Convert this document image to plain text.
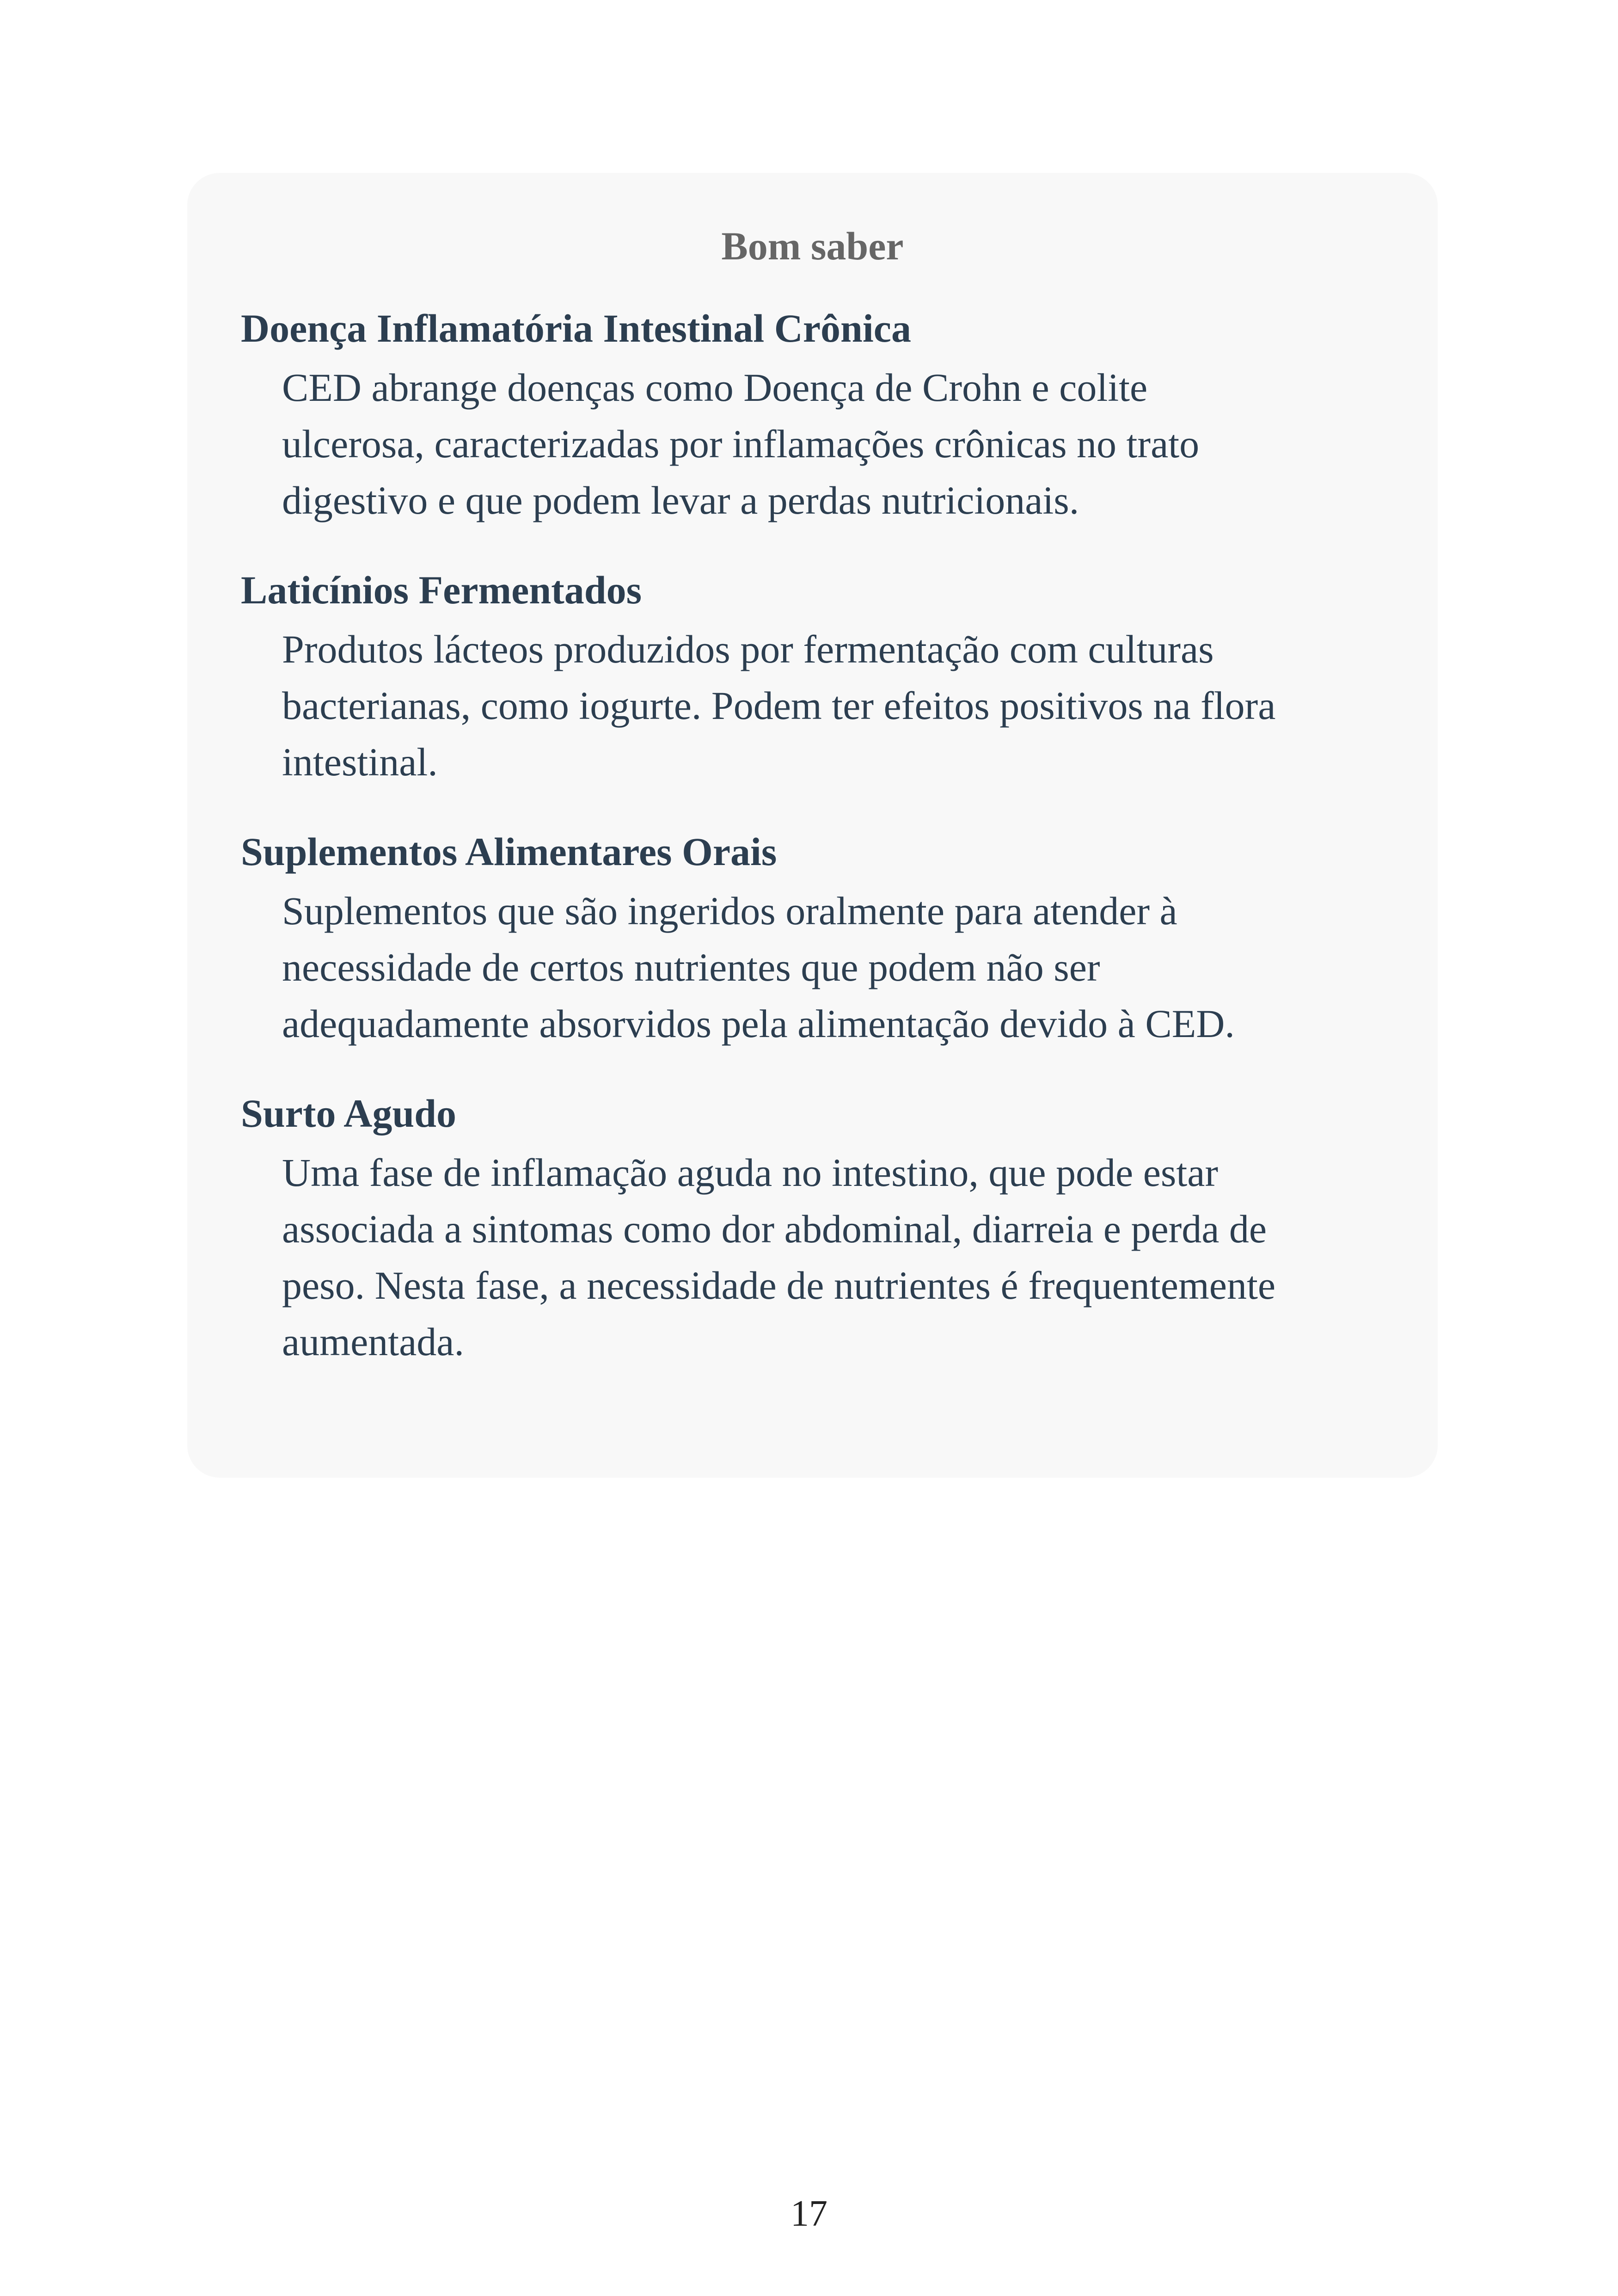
Bom saber
Doença Inflamatória Intestinal Crônica
CED abrange doenças como Doença de Crohn e colite
ulcerosa, caracterizadas por inflamações crônicas no trato
digestivo e que podem levar a perdas nutricionais.
Laticínios Fermentados
Produtos lácteos produzidos por fermentação com culturas
bacterianas, como iogurte. Podem ter efeitos positivos na flora
intestinal.
Suplementos Alimentares Orais
Suplementos que são ingeridos oralmente para atender à
necessidade de certos nutrientes que podem não ser
adequadamente absorvidos pela alimentação devido à CED.
Surto Agudo
Uma fase de inflamação aguda no intestino, que pode estar
associada a sintomas como dor abdominal, diarreia e perda de
peso. Nesta fase, a necessidade de nutrientes é frequentemente
aumentada.
17
